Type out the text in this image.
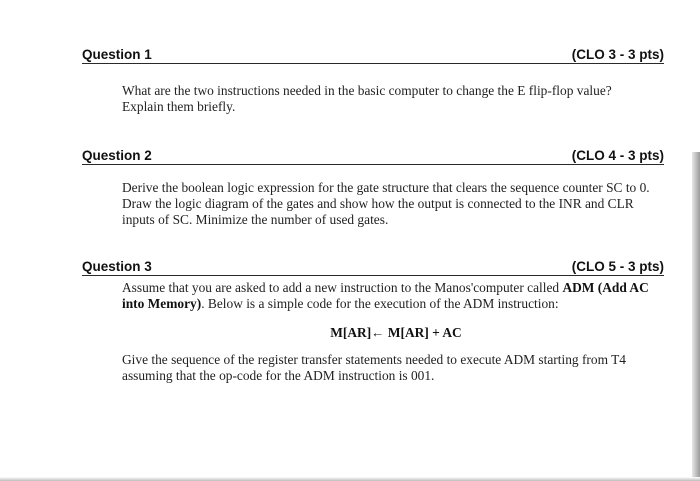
Question 1	(CLO 3 - 3 pts)

What are the two instructions needed in the basic computer to change the E flip-flop value? Explain them briefly.

Question 2	(CLO 4 - 3 pts)

Derive the boolean logic expression for the gate structure that clears the sequence counter SC to 0. Draw the logic diagram of the gates and show how the output is connected to the INR and CLR inputs of SC. Minimize the number of used gates.

Question 3	(CLO 5 - 3 pts)

Assume that you are asked to add a new instruction to the Manos'computer called ADM (Add AC into Memory). Below is a simple code for the execution of the ADM instruction:

M[AR]← M[AR] + AC

Give the sequence of the register transfer statements needed to execute ADM starting from T4 assuming that the op-code for the ADM instruction is 001.
